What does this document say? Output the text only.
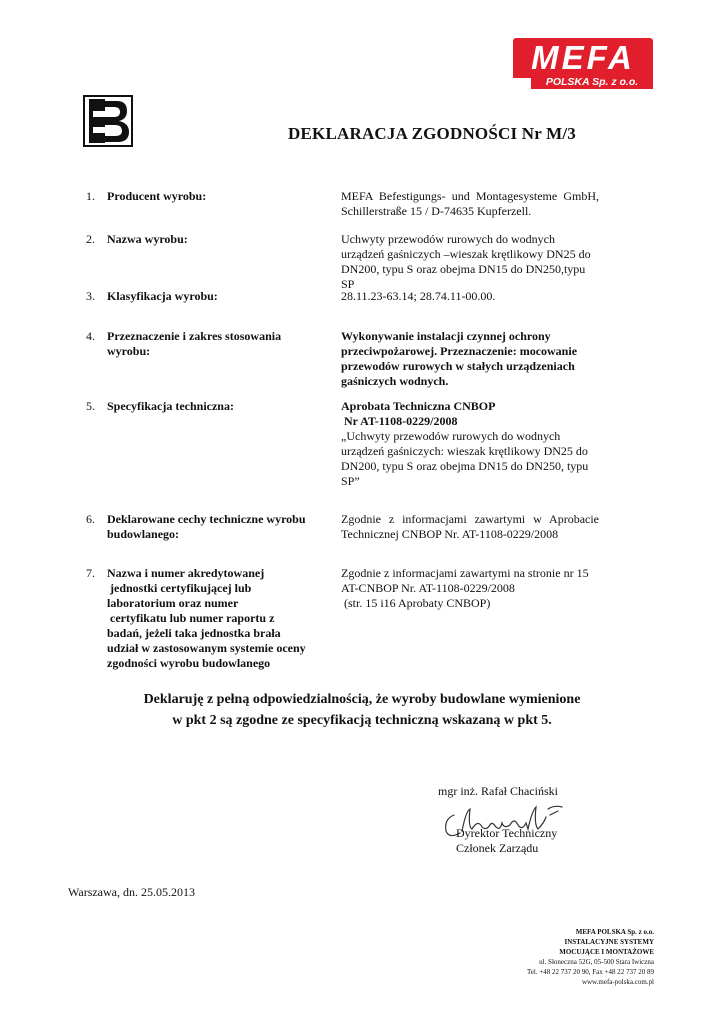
MEFA
POLSKA Sp. z o.o.
DEKLARACJA ZGODNOŚCI Nr M/3
1. Producent wyrobu:	MEFA Befestigungs- und Montagesysteme GmbH, Schillerstraße 15 / D-74635 Kupferzell.
2. Nazwa wyrobu:	Uchwyty przewodów rurowych do wodnych urządzeń gaśniczych –wieszak krętlikowy DN25 do DN200, typu S oraz obejma DN15 do DN250,typu SP
3. Klasyfikacja wyrobu:	28.11.23-63.14; 28.74.11-00.00.
4. Przeznaczenie i zakres stosowania wyrobu:
Wykonywanie instalacji czynnej ochrony przeciwpożarowej. Przeznaczenie: mocowanie przewodów rurowych w stałych urządzeniach gaśniczych wodnych.
5. Specyfikacja techniczna:	Aprobata Techniczna CNBOP

Nr AT-1108-0229/2008

„Uchwyty przewodów rurowych do wodnych urządzeń gaśniczych: wieszak krętlikowy DN25 do DN200, typu S oraz obejma DN15 do DN250, typu SP”

6. Deklarowane cechy techniczne wyrobu budowlanego:
Zgodnie z informacjami zawartymi w Aprobacie Technicznej CNBOP Nr. AT-1108-0229/2008
7. Nazwa i numer akredytowanej
jednostki certyfikującej lub
laboratorium oraz numer
certyfikatu lub numer raportu z
badań, jeżeli taka jednostka brała
udział w zastosowanym systemie oceny
zgodności wyrobu budowlanego
Zgodnie z informacjami zawartymi na stronie nr 15
AT-CNBOP Nr. AT-1108-0229/2008
(str. 15 i16 Aprobaty CNBOP)
Deklaruję z pełną odpowiedzialnością, że wyroby budowlane wymienione
w pkt 2 są zgodne ze specyfikacją techniczną wskazaną w pkt 5.
mgr inż. Rafał Chaciński
Dyrektor Techniczny
Członek Zarządu
Warszawa, dn. 25.05.2013
MEFA POLSKA Sp. z o.o.
INSTALACYJNE SYSTEMY
MOCUJĄCE I MONTAŻOWE
ul. Słoneczna 52G, 05-500 Stara Iwiczna
Tel. +48 22 737 20 90, Fax +48 22 737 20 89
www.mefa-polska.com.pl
